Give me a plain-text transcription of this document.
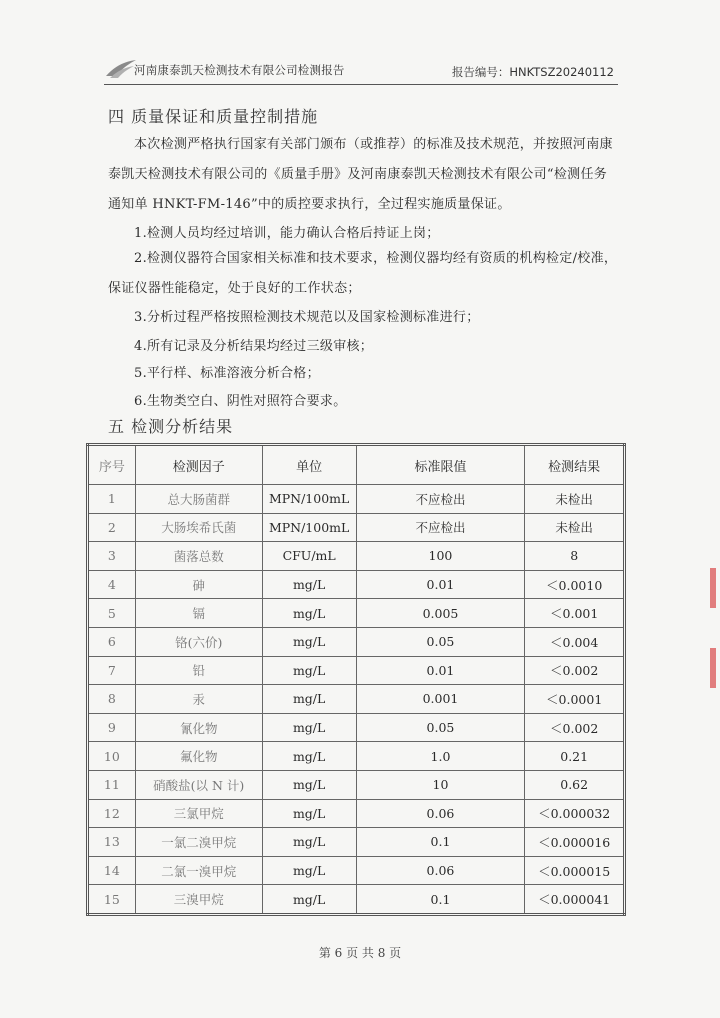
河南康泰凯天检测技术有限公司检测报告	报告编号：HNKTSZ20240112
四 质量保证和质量控制措施
本次检测严格执行国家有关部门颁布（或推荐）的标准及技术规范，并按照河南康泰凯天检测技术有限公司的《质量手册》及河南康泰凯天检测技术有限公司“检测任务通知单 HNKT-FM-146”中的质控要求执行，全过程实施质量保证。
1.检测人员均经过培训，能力确认合格后持证上岗；
2.检测仪器符合国家相关标准和技术要求，检测仪器均经有资质的机构检定/校准，保证仪器性能稳定，处于良好的工作状态；
3.分析过程严格按照检测技术规范以及国家检测标准进行；
4.所有记录及分析结果均经过三级审核；
5.平行样、标准溶液分析合格；
6.生物类空白、阴性对照符合要求。
五 检测分析结果
序号	检测因子	单位	标准限值	检测结果
1	总大肠菌群	MPN/100mL	不应检出	未检出
2	大肠埃希氏菌	MPN/100mL	不应检出	未检出
3	菌落总数	CFU/mL	100	8
4	砷	mg/L	0.01	＜0.0010
5	镉	mg/L	0.005	＜0.001
6	铬(六价)	mg/L	0.05	＜0.004
7	铅	mg/L	0.01	＜0.002
8	汞	mg/L	0.001	＜0.0001
9	氰化物	mg/L	0.05	＜0.002
10	氟化物	mg/L	1.0	0.21
11	硝酸盐(以 N 计)	mg/L	10	0.62
12	三氯甲烷	mg/L	0.06	＜0.000032
13	一氯二溴甲烷	mg/L	0.1	＜0.000016
14	二氯一溴甲烷	mg/L	0.06	＜0.000015
15	三溴甲烷	mg/L	0.1	＜0.000041
第 6 页 共 8 页
